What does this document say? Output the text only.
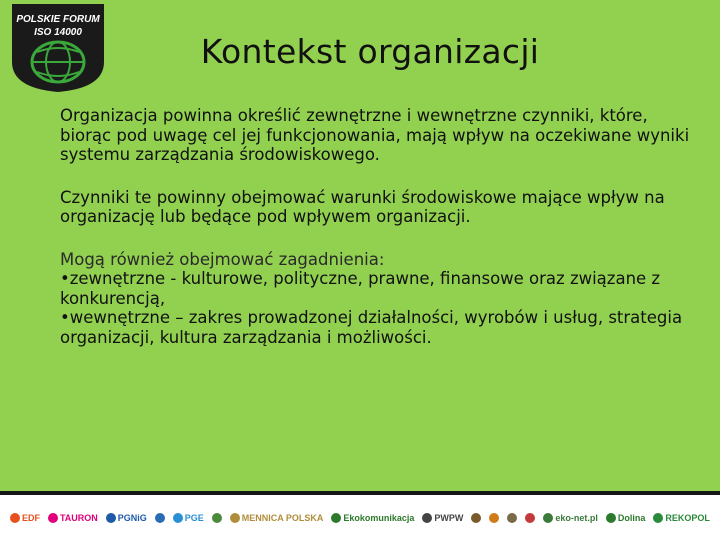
POLSKIE FORUM
ISO 14000	Kontekst organizacji

Organizacja powinna określić zewnętrzne i wewnętrzne czynniki, które, biorąc pod uwagę cel jej funkcjonowania, mają wpływ na oczekiwane wyniki systemu zarządzania środowiskowego.

Czynniki te powinny obejmować warunki środowiskowe mające wpływ na organizację lub będące pod wpływem organizacji.

Mogą również obejmować zagadnienia:
•zewnętrzne - kulturowe, polityczne, prawne, finansowe oraz związane z konkurencją,
•wewnętrzne – zakres prowadzonej działalności, wyrobów i usług, strategia organizacji, kultura zarządzania i możliwości.
EDF TAURON PGNiG	PGE	MENNICA POLSKA Ekokomunikacja PWPW	eko-net.pl Dolina REKOPOL
